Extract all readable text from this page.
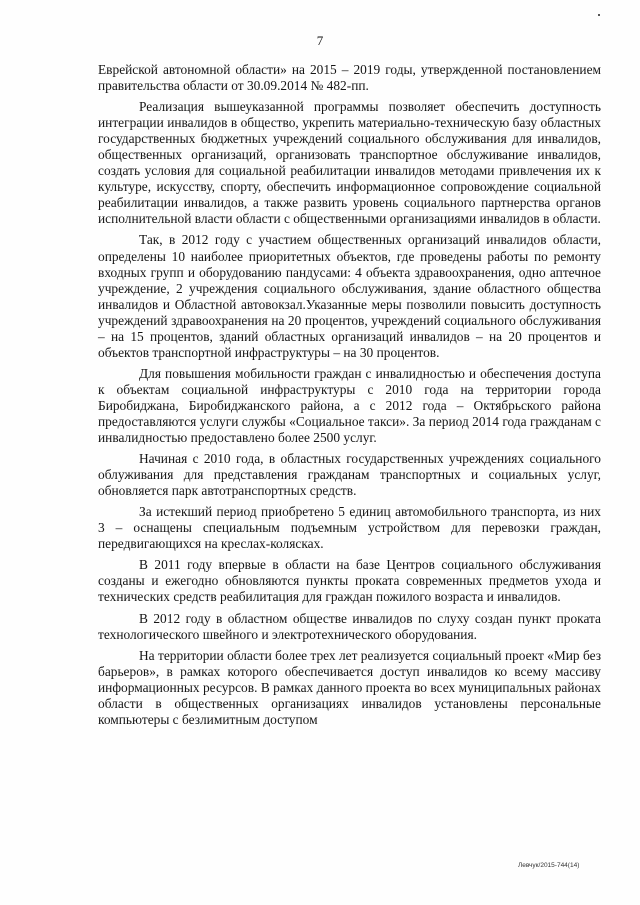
7

Еврейской автономной области» на 2015 – 2019 годы, утвержденной постановлением правительства области от 30.09.2014 № 482-пп.

Реализация вышеуказанной программы позволяет обеспечить доступность интеграции инвалидов в общество, укрепить материально-техническую базу областных государственных бюджетных учреждений социального обслуживания для инвалидов, общественных организаций, организовать транспортное обслуживание инвалидов, создать условия для социальной реабилитации инвалидов методами привлечения их к культуре, искусству, спорту, обеспечить информационное сопровождение социальной реабилитации инвалидов, а также развить уровень социального партнерства органов исполнительной власти области с общественными организациями инвалидов в области.

Так, в 2012 году с участием общественных организаций инвалидов области, определены 10 наиболее приоритетных объектов, где проведены работы по ремонту входных групп и оборудованию пандусами: 4 объекта здравоохранения, одно аптечное учреждение, 2 учреждения социального обслуживания, здание областного общества инвалидов и Областной автовокзал.Указанные меры позволили повысить доступность учреждений здравоохранения на 20 процентов, учреждений социального обслуживания – на 15 процентов, зданий областных организаций инвалидов – на 20 процентов и объектов транспортной инфраструктуры – на 30 процентов.

Для повышения мобильности граждан с инвалидностью и обеспечения доступа к объектам социальной инфраструктуры с 2010 года на территории города Биробиджана, Биробиджанского района, а с 2012 года – Октябрьского района предоставляются услуги службы «Социальное такси». За период 2014 года гражданам с инвалидностью предоставлено более 2500 услуг.

Начиная с 2010 года, в областных государственных учреждениях социального облуживания для представления гражданам транспортных и социальных услуг, обновляется парк автотранспортных средств.

За истекший период приобретено 5 единиц автомобильного транспорта, из них 3 – оснащены специальным подъемным устройством для перевозки граждан, передвигающихся на креслах-колясках.

В 2011 году впервые в области на базе Центров социального обслуживания созданы и ежегодно обновляются пункты проката современных предметов ухода и технических средств реабилитация для граждан пожилого возраста и инвалидов.

В 2012 году в областном обществе инвалидов по слуху создан пункт проката технологического швейного и электротехнического оборудования.

На территории области более трех лет реализуется социальный проект «Мир без барьеров», в рамках которого обеспечивается доступ инвалидов ко всему массиву информационных ресурсов. В рамках данного проекта во всех муниципальных районах области в общественных организациях инвалидов установлены персональные компьютеры с безлимитным доступом

Левчук/2015-744(14)
